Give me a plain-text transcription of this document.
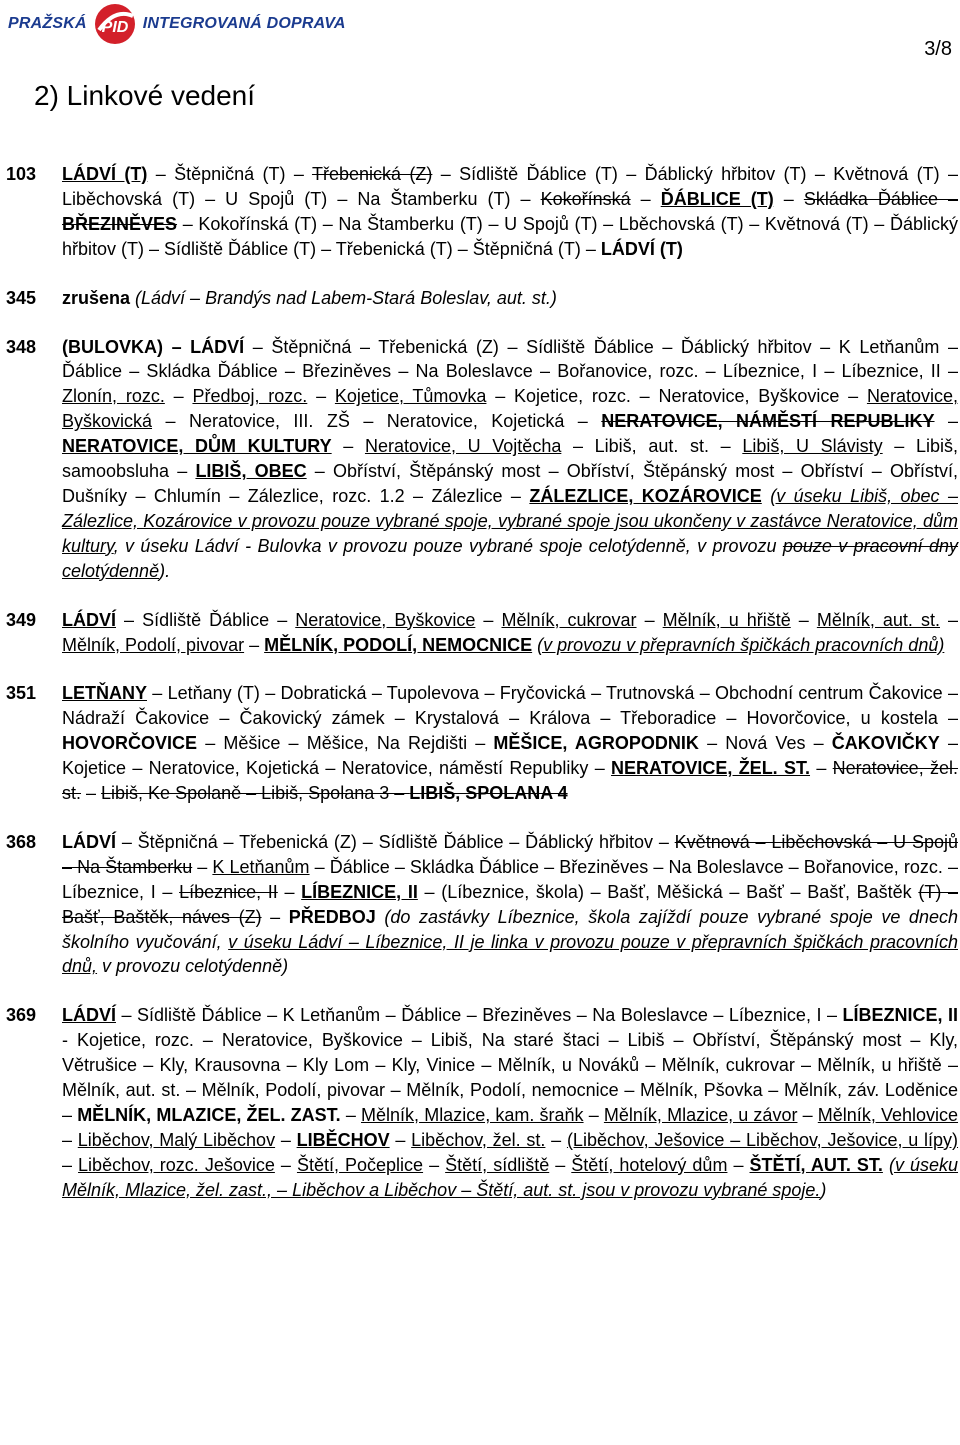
PRAŽSKÁ PID INTEGROVANÁ DOPRAVA
3/8
2) Linkové vedení
103	LÁDVÍ (T) – Štěpničná (T) – Třebenická (Z) – Sídliště Ďáblice (T) – Ďáblický hřbitov (T) – Květnová (T) – Liběchovská (T) – U Spojů (T) – Na Štamberku (T) – Kokořínská – ĎÁBLICE (T) – Skládka Ďáblice – BŘEZINĚVES – Kokořínská (T) – Na Štamberku (T) – U Spojů (T) – Lběchovská (T) – Květnová (T) – Ďáblický hřbitov (T) – Sídliště Ďáblice (T) – Třebenická (T) – Štěpničná (T) – LÁDVÍ (T)
345	zrušena (Ládví – Brandýs nad Labem-Stará Boleslav, aut. st.)
348	(BULOVKA) – LÁDVÍ – Štěpničná – Třebenická (Z) – Sídliště Ďáblice – Ďáblický hřbitov – K Letňanům – Ďáblice – Skládka Ďáblice – Březiněves – Na Boleslavce – Bořanovice, rozc. – Líbeznice, I – Líbeznice, II – Zlonín, rozc. – Předboj, rozc. – Kojetice, Tůmovka – Kojetice, rozc. – Neratovice, Byškovice – Neratovice, Byškovická – Neratovice, III. ZŠ – Neratovice, Kojetická – NERATOVICE, NÁMĚSTÍ REPUBLIKY – NERATOVICE, DŮM KULTURY – Neratovice, U Vojtěcha – Libiš, aut. st. – Libiš, U Slávisty – Libiš, samoobsluha – LIBIŠ, OBEC – Obříství, Štěpánský most – Obříství, Štěpánský most – Obříství – Obříství, Dušníky – Chlumín – Zálezlice, rozc. 1.2 – Zálezlice – ZÁLEZLICE, KOZÁROVICE (v úseku Libiš, obec – Zálezlice, Kozárovice v provozu pouze vybrané spoje, vybrané spoje jsou ukončeny v zastávce Neratovice, dům kultury, v úseku Ládví - Bulovka v provozu pouze vybrané spoje celotýdenně, v provozu pouze v pracovní dny celotýdenně).
349	LÁDVÍ – Sídliště Ďáblice – Neratovice, Byškovice – Mělník, cukrovar – Mělník, u hřiště – Mělník, aut. st. – Mělník, Podolí, pivovar – MĚLNÍK, PODOLÍ, NEMOCNICE (v provozu v přepravních špičkách pracovních dnů)
351	LETŇANY – Letňany (T) – Dobratická – Tupolevova – Fryčovická – Trutnovská – Obchodní centrum Čakovice – Nádraží Čakovice – Čakovický zámek – Krystalová – Králova – Třeboradice – Hovorčovice, u kostela – HOVORČOVICE – Měšice – Měšice, Na Rejdišti – MĚŠICE, AGROPODNIK – Nová Ves – ČAKOVIČKY – Kojetice – Neratovice, Kojetická – Neratovice, náměstí Republiky – NERATOVICE, ŽEL. ST. – Neratovice, žel. st. – Libiš, Ke Spolaně – Libiš, Spolana 3 – LIBIŠ, SPOLANA 4
368	LÁDVÍ – Štěpničná – Třebenická (Z) – Sídliště Ďáblice – Ďáblický hřbitov – Květnová – Liběchovská – U Spojů – Na Štamberku – K Letňanům – Ďáblice – Skládka Ďáblice – Březiněves – Na Boleslavce – Bořanovice, rozc. – Líbeznice, I – Líbeznice, II – LÍBEZNICE, II – (Líbeznice, škola) – Bašť, Měšická – Bašť – Bašť, Baštěk (T) – Bašť, Baštěk, náves (Z) – PŘEDBOJ (do zastávky Líbeznice, škola zajíždí pouze vybrané spoje ve dnech školního vyučování, v úseku Ládví – Líbeznice, II je linka v provozu pouze v přepravních špičkách pracovních dnů, v provozu celotýdenně)
369	LÁDVÍ – Sídliště Ďáblice – K Letňanům – Ďáblice – Březiněves – Na Boleslavce – Líbeznice, I – LÍBEZNICE, II - Kojetice, rozc. – Neratovice, Byškovice – Libiš, Na staré štaci – Libiš – Obříství, Štěpánský most – Kly, Větrušice – Kly, Krausovna – Kly Lom – Kly, Vinice – Mělník, u Nováků – Mělník, cukrovar – Mělník, u hřiště – Mělník, aut. st. – Mělník, Podolí, pivovar – Mělník, Podolí, nemocnice – Mělník, Pšovka – Mělník, záv. Loděnice – MĚLNÍK, MLAZICE, ŽEL. ZAST. – Mělník, Mlazice, kam. šraňk – Mělník, Mlazice, u závor – Mělník, Vehlovice – Liběchov, Malý Liběchov – LIBĚCHOV – Liběchov, žel. st. – (Liběchov, Ješovice – Liběchov, Ješovice, u lípy) – Liběchov, rozc. Ješovice – Štětí, Počeplice – Štětí, sídliště – Štětí, hotelový dům – ŠTĚTÍ, AUT. ST. (v úseku Mělník, Mlazice, žel. zast., – Liběchov a Liběchov – Štětí, aut. st. jsou v provozu vybrané spoje.)
